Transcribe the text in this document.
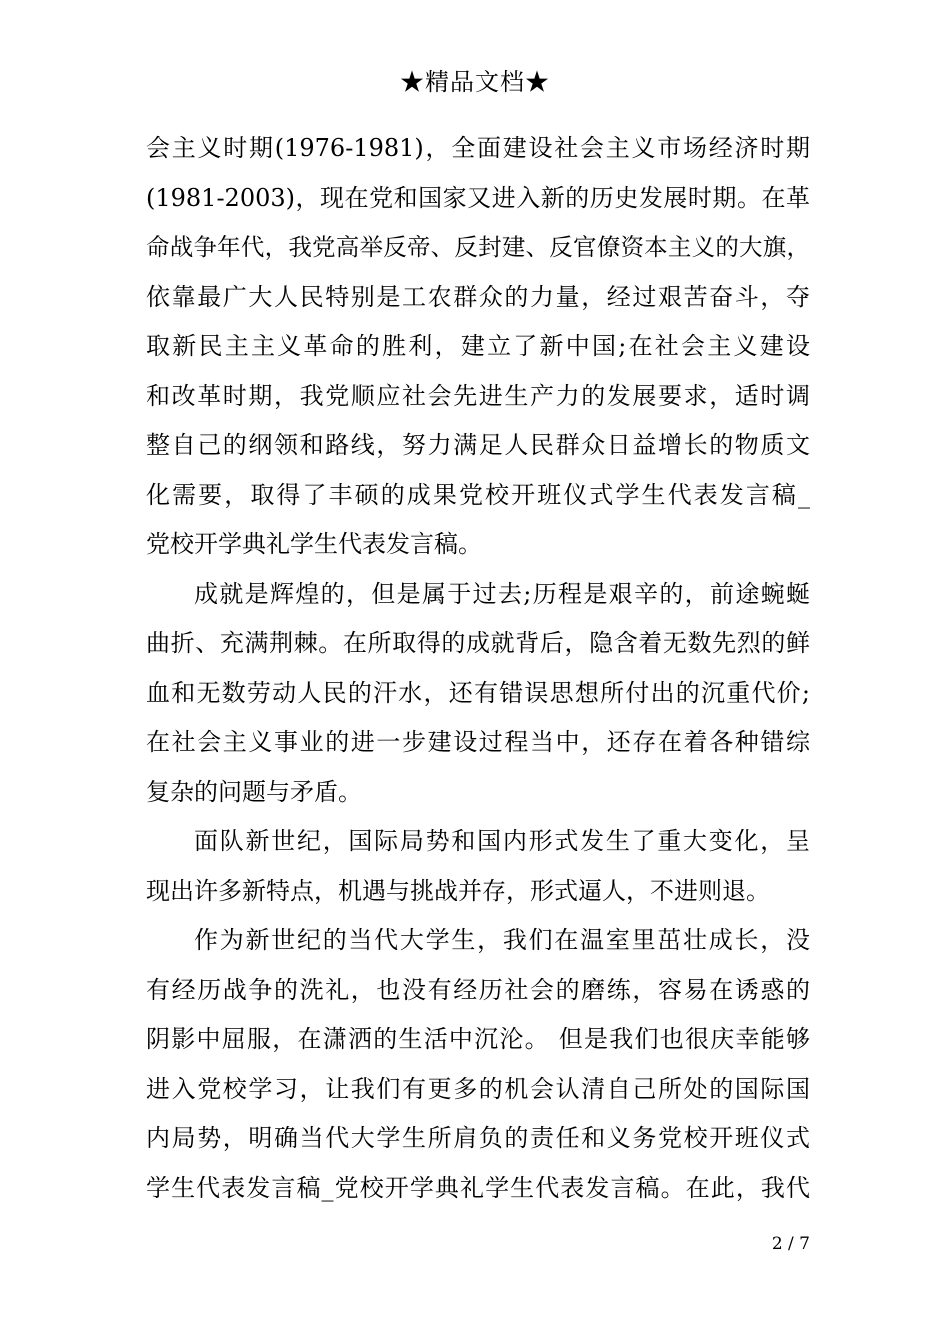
★精品文档★
会主义时期(1976-1981)，全面建设社会主义市场经济时期
(1981-2003)，现在党和国家又进入新的历史发展时期。在革
命战争年代，我党高举反帝、反封建、反官僚资本主义的大旗，
依靠最广大人民特别是工农群众的力量，经过艰苦奋斗，夺
取新民主主义革命的胜利，建立了新中国;在社会主义建设
和改革时期，我党顺应社会先进生产力的发展要求，适时调
整自己的纲领和路线，努力满足人民群众日益增长的物质文
化需要，取得了丰硕的成果党校开班仪式学生代表发言稿_
党校开学典礼学生代表发言稿。
成就是辉煌的，但是属于过去;历程是艰辛的，前途蜿蜒
曲折、充满荆棘。在所取得的成就背后，隐含着无数先烈的鲜
血和无数劳动人民的汗水，还有错误思想所付出的沉重代价;
在社会主义事业的进一步建设过程当中，还存在着各种错综
复杂的问题与矛盾。
面队新世纪，国际局势和国内形式发生了重大变化，呈
现出许多新特点，机遇与挑战并存，形式逼人，不进则退。
作为新世纪的当代大学生，我们在温室里茁壮成长，没
有经历战争的洗礼，也没有经历社会的磨练，容易在诱惑的
阴影中屈服，在潇洒的生活中沉沦。 但是我们也很庆幸能够
进入党校学习，让我们有更多的机会认清自己所处的国际国
内局势，明确当代大学生所肩负的责任和义务党校开班仪式
学生代表发言稿_党校开学典礼学生代表发言稿。在此，我代
2 / 7
